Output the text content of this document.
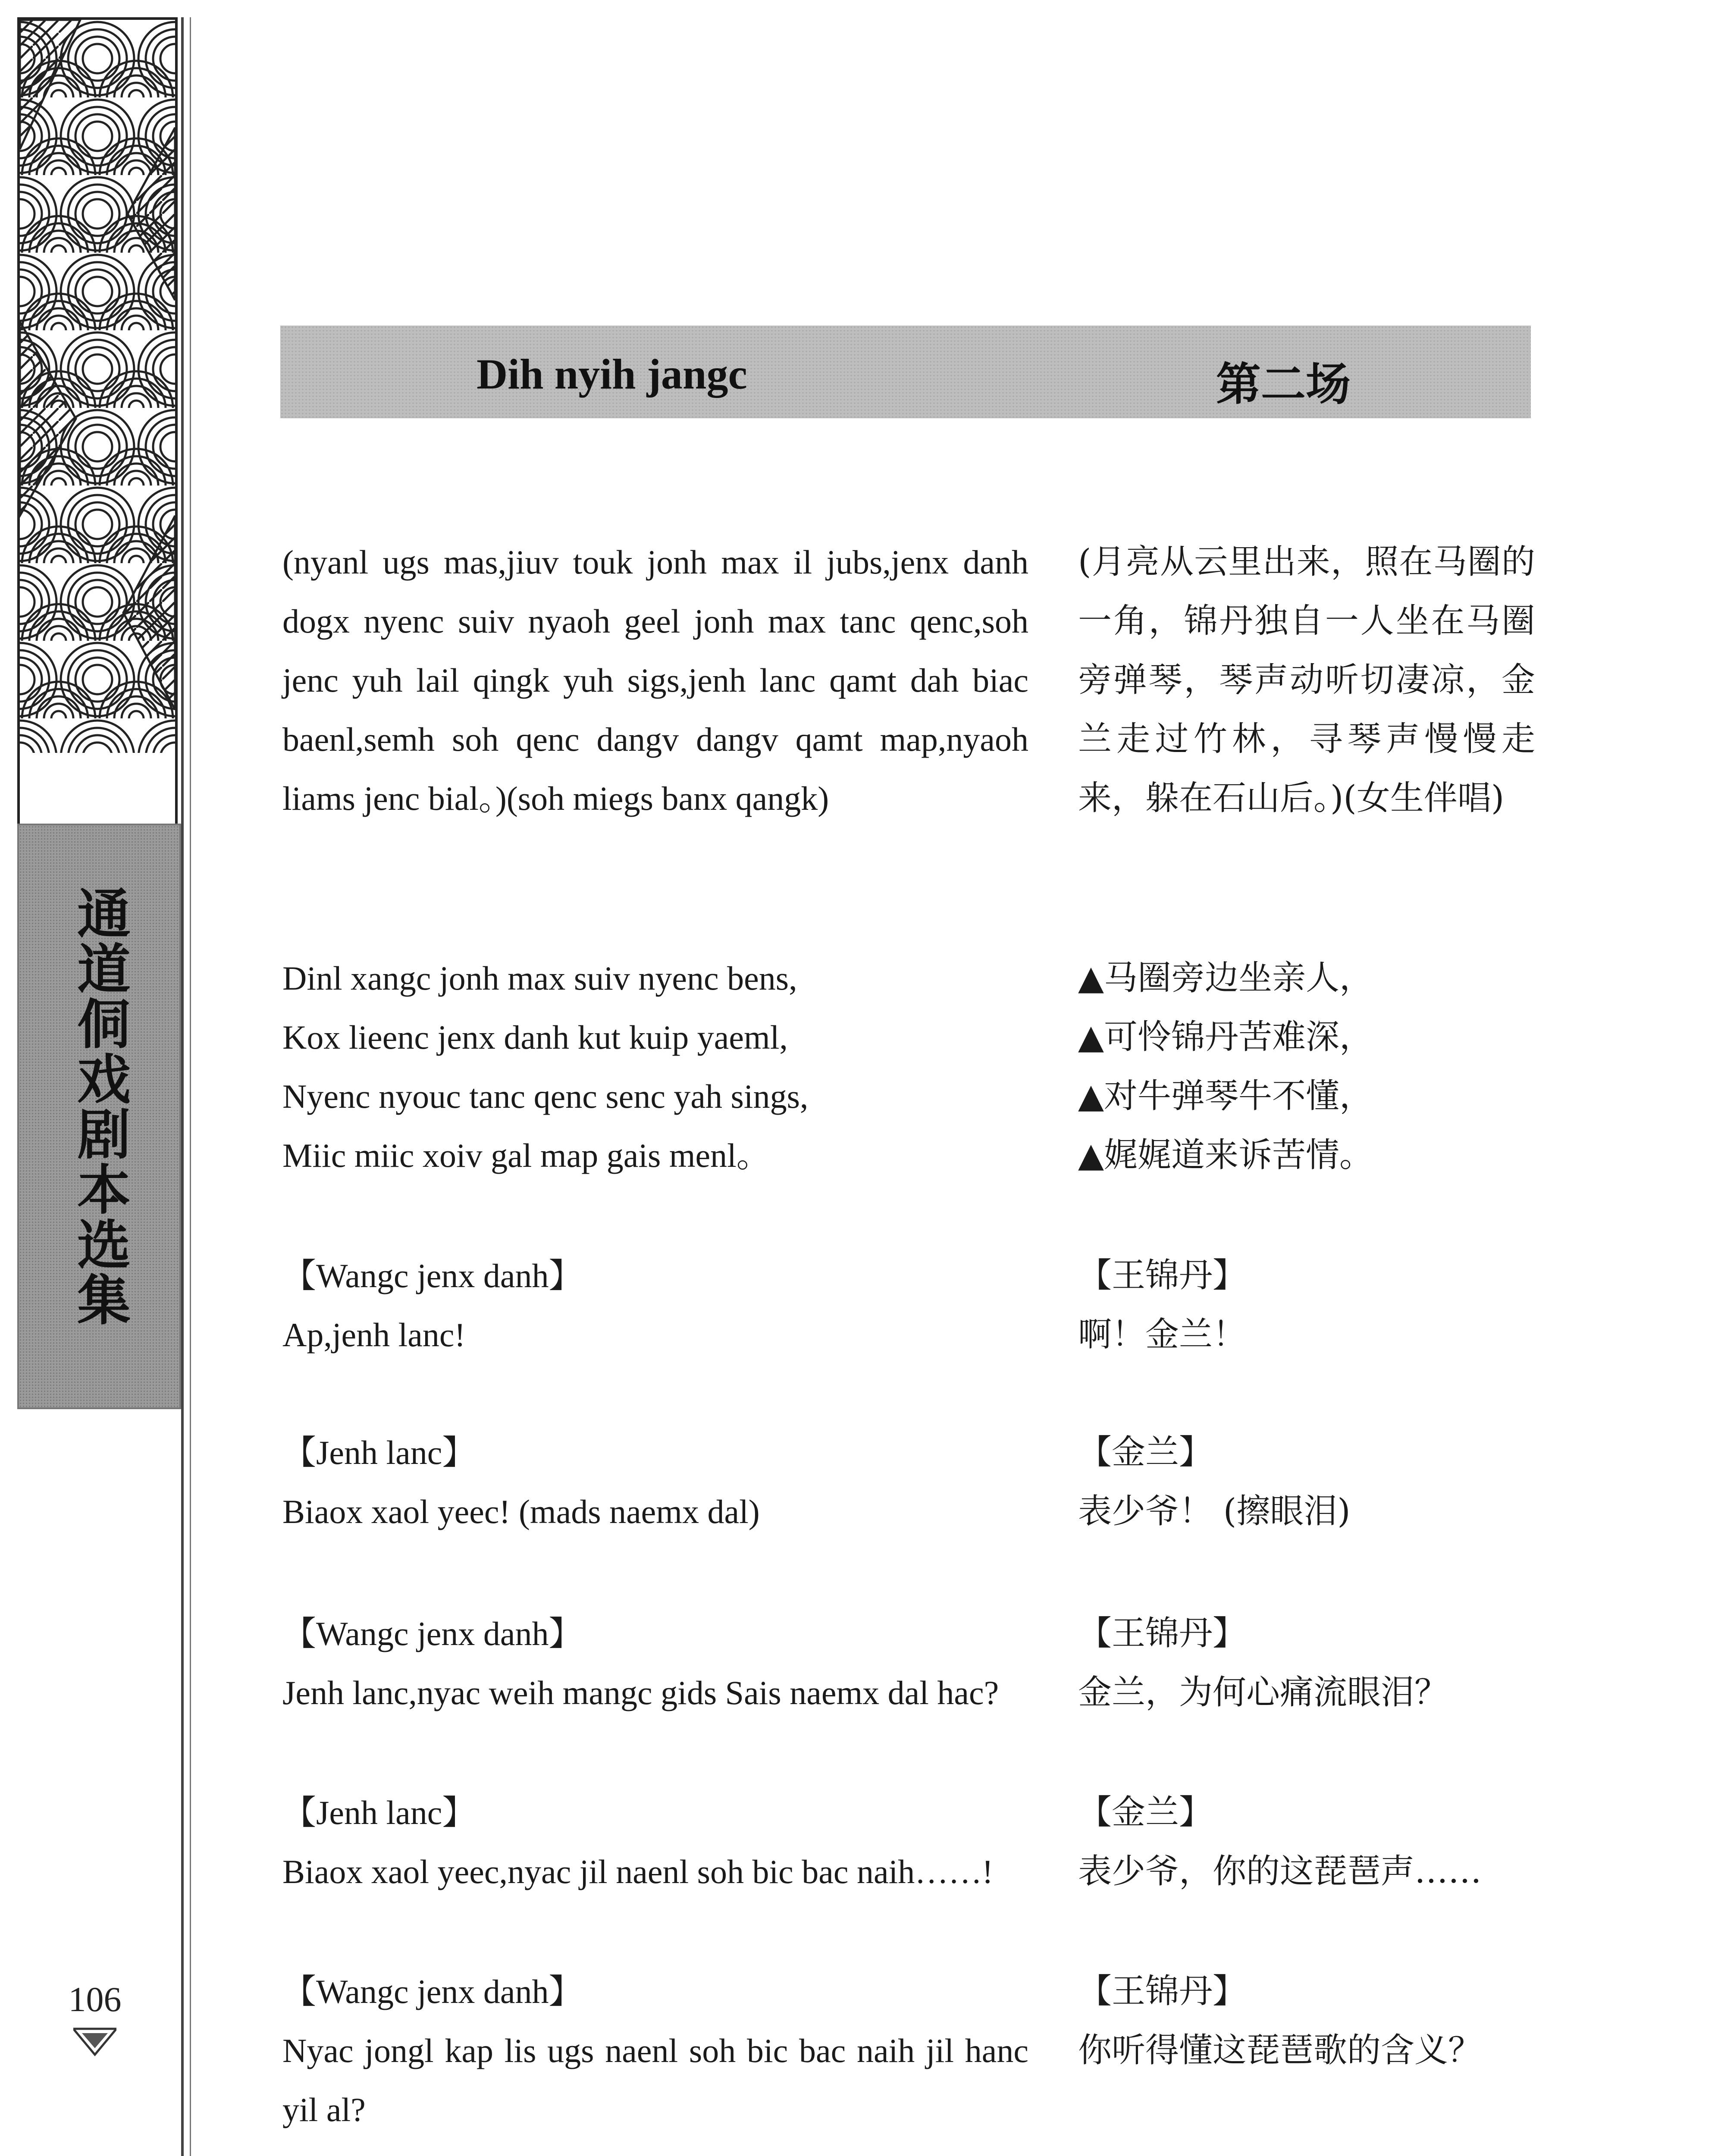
通道侗戏剧本选集
106
Dih nyih jangc	第二场
(nyanl ugs mas,jiuv touk jonh max il jubs,jenx danh dogx nyenc suiv nyaoh geel jonh max tanc qenc,soh jenc yuh lail qingk yuh sigs,jenh lanc qamt dah biac baenl,semh soh qenc dangv dangv qamt map,nyaoh liams jenc bial。)(soh miegs banx qangk)
(月亮从云里出来，照在马圈的一角，锦丹独自一人坐在马圈旁弹琴，琴声动听切凄凉，金兰走过竹林，寻琴声慢慢走来，躲在石山后。)(女生伴唱)
Dinl xangc jonh max suiv nyenc bens,
Kox lieenc jenx danh kut kuip yaeml,
Nyenc nyouc tanc qenc senc yah sings,
Miic miic xoiv gal map gais menl。
▲马圈旁边坐亲人，
▲可怜锦丹苦难深，
▲对牛弹琴牛不懂，
▲娓娓道来诉苦情。
【Wangc jenx danh】
Ap,jenh lanc!
【王锦丹】
啊！金兰！
【Jenh lanc】
Biaox xaol yeec! (mads naemx dal)
【金兰】
表少爷！ (擦眼泪)
【Wangc jenx danh】
Jenh lanc,nyac weih mangc gids Sais naemx dal hac?
【王锦丹】
金兰，为何心痛流眼泪？
【Jenh lanc】
Biaox xaol yeec,nyac jil naenl soh bic bac naih……!
【金兰】
表少爷，你的这琵琶声……
【Wangc jenx danh】
Nyac jongl kap lis ugs naenl soh bic bac naih jil hanc yil al?
【王锦丹】
你听得懂这琵琶歌的含义？
